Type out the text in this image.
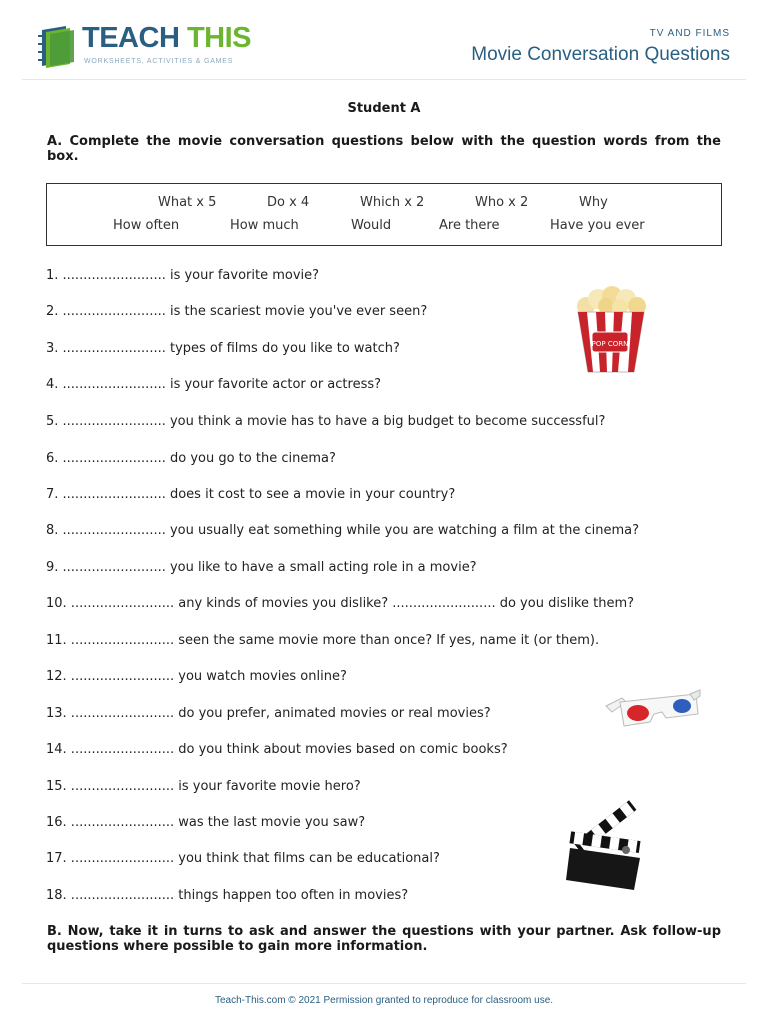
TEACH THIS
WORKSHEETS, ACTIVITIES & GAMES
TV AND FILMS
Movie Conversation Questions
Student A
A. Complete the movie conversation questions below with the question words from the box.
What x 5	Do x 4	Which x 2	Who x 2	Why
How often	How much	Would	Are there	Have you ever
1. ......................... is your favorite movie?
2. ......................... is the scariest movie you've ever seen?
3. ......................... types of films do you like to watch?
4. ......................... is your favorite actor or actress?
5. ......................... you think a movie has to have a big budget to become successful?
6. ......................... do you go to the cinema?
7. ......................... does it cost to see a movie in your country?
8. ......................... you usually eat something while you are watching a film at the cinema?
9. ......................... you like to have a small acting role in a movie?
10. ......................... any kinds of movies you dislike? ......................... do you dislike them?
11. ......................... seen the same movie more than once? If yes, name it (or them).
12. ......................... you watch movies online?
13. ......................... do you prefer, animated movies or real movies?
14. ......................... do you think about movies based on comic books?
15. ......................... is your favorite movie hero?
16. ......................... was the last movie you saw?
17. ......................... you think that films can be educational?
18. ......................... things happen too often in movies?
POP CORN
B. Now, take it in turns to ask and answer the questions with your partner. Ask follow-up questions where possible to gain more information.
Teach-This.com © 2021 Permission granted to reproduce for classroom use.
